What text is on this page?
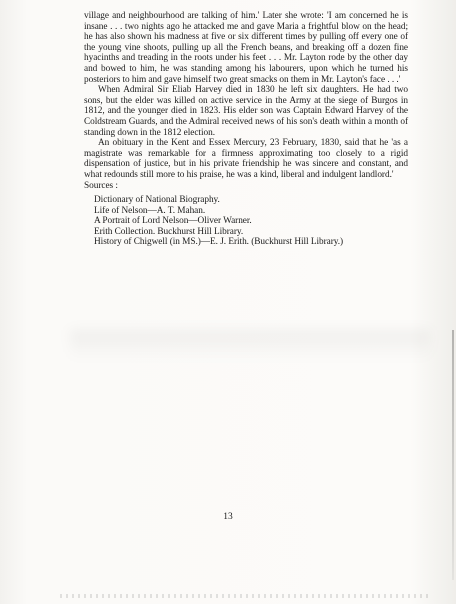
village and neighbourhood are talking of him.' Later she wrote: 'I am concerned he is insane . . . two nights ago he attacked me and gave Maria a frightful blow on the head; he has also shown his madness at five or six different times by pulling off every one of the young vine shoots, pulling up all the French beans, and breaking off a dozen fine hyacinths and treading in the roots under his feet . . . Mr. Layton rode by the other day and bowed to him, he was standing among his labourers, upon which he turned his posteriors to him and gave himself two great smacks on them in Mr. Layton's face . . .'

When Admiral Sir Eliab Harvey died in 1830 he left six daughters. He had two sons, but the elder was killed on active service in the Army at the siege of Burgos in 1812, and the younger died in 1823. His elder son was Captain Edward Harvey of the Coldstream Guards, and the Admiral received news of his son's death within a month of standing down in the 1812 election.

An obituary in the Kent and Essex Mercury, 23 February, 1830, said that he 'as a magistrate was remarkable for a firmness approximating too closely to a rigid dispensation of justice, but in his private friendship he was sincere and constant, and what redounds still more to his praise, he was a kind, liberal and indulgent landlord.'

Sources :

Dictionary of National Biography.
Life of Nelson—A. T. Mahan.
A Portrait of Lord Nelson—Oliver Warner.
Erith Collection. Buckhurst Hill Library.
History of Chigwell (in MS.)—E. J. Erith. (Buckhurst Hill Library.)
13
